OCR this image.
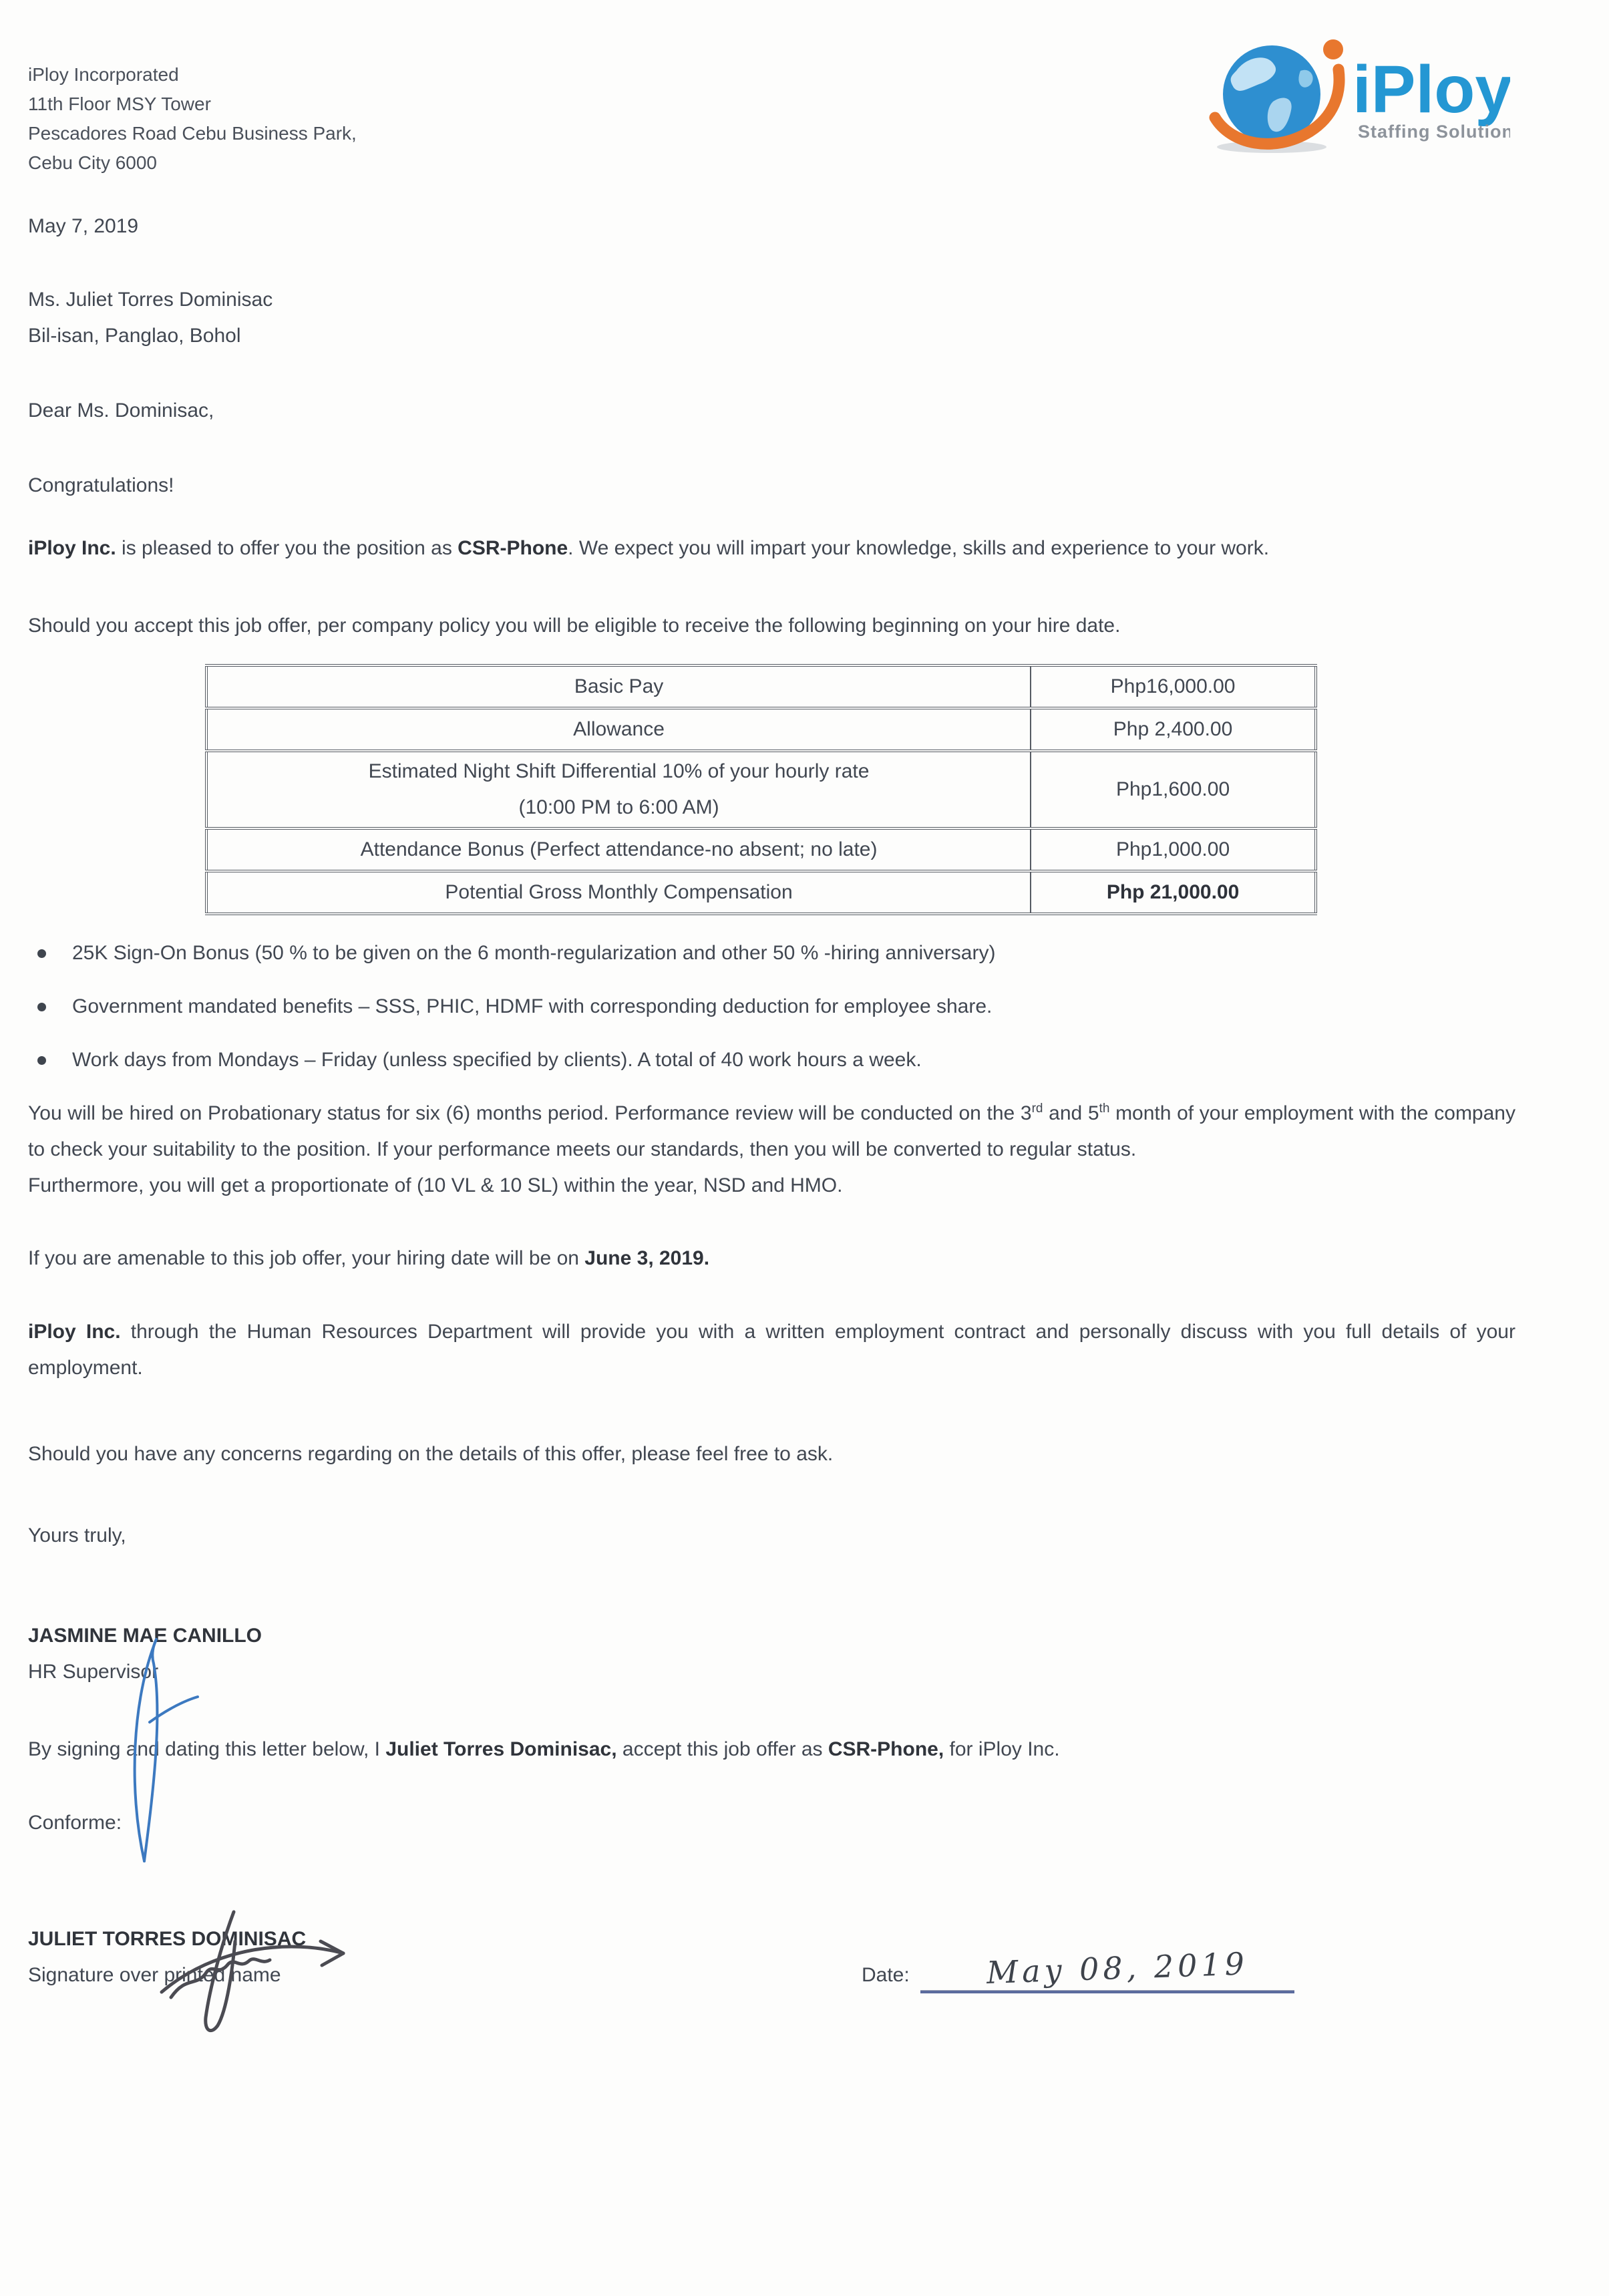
iPloy Incorporated
11th Floor MSY Tower
Pescadores Road Cebu Business Park,
Cebu City 6000
iPloy
Staffing Solutions
May 7, 2019
Ms. Juliet Torres Dominisac
Bil-isan, Panglao, Bohol
Dear Ms. Dominisac,
Congratulations!

iPloy Inc. is pleased to offer you the position as CSR-Phone. We expect you will impart your knowledge, skills and experience to your work.

Should you accept this job offer, per company policy you will be eligible to receive the following beginning on your hire date.

Basic Pay	Php16,000.00
Allowance	Php 2,400.00

Estimated Night Shift Differential 10% of your hourly rate
(10:00 PM to 6:00 AM)	Php1,600.00
Attendance Bonus (Perfect attendance-no absent; no late)	Php1,000.00
Potential Gross Monthly Compensation	Php 21,000.00
25K Sign-On Bonus (50 % to be given on the 6 month-regularization and other 50 % -hiring anniversary)
Government mandated benefits – SSS, PHIC, HDMF with corresponding deduction for employee share.
Work days from Mondays – Friday (unless specified by clients). A total of 40 work hours a week.

You will be hired on Probationary status for six (6) months period. Performance review will be conducted on the 3rd and 5th month of your employment with the company to check your suitability to the position. If your performance meets our standards, then you will be converted to regular status.
Furthermore, you will get a proportionate of (10 VL & 10 SL) within the year, NSD and HMO.

If you are amenable to this job offer, your hiring date will be on June 3, 2019.

iPloy Inc. through the Human Resources Department will provide you with a written employment contract and personally discuss with you full details of your employment.

Should you have any concerns regarding on the details of this offer, please feel free to ask.

Yours truly,
JASMINE MAE CANILLO
HR Supervisor

By signing and dating this letter below, I Juliet Torres Dominisac, accept this job offer as CSR-Phone, for iPloy Inc.

Conforme:
JULIET TORRES DOMINISAC
Signature over printed name	Date: May 08, 2019
